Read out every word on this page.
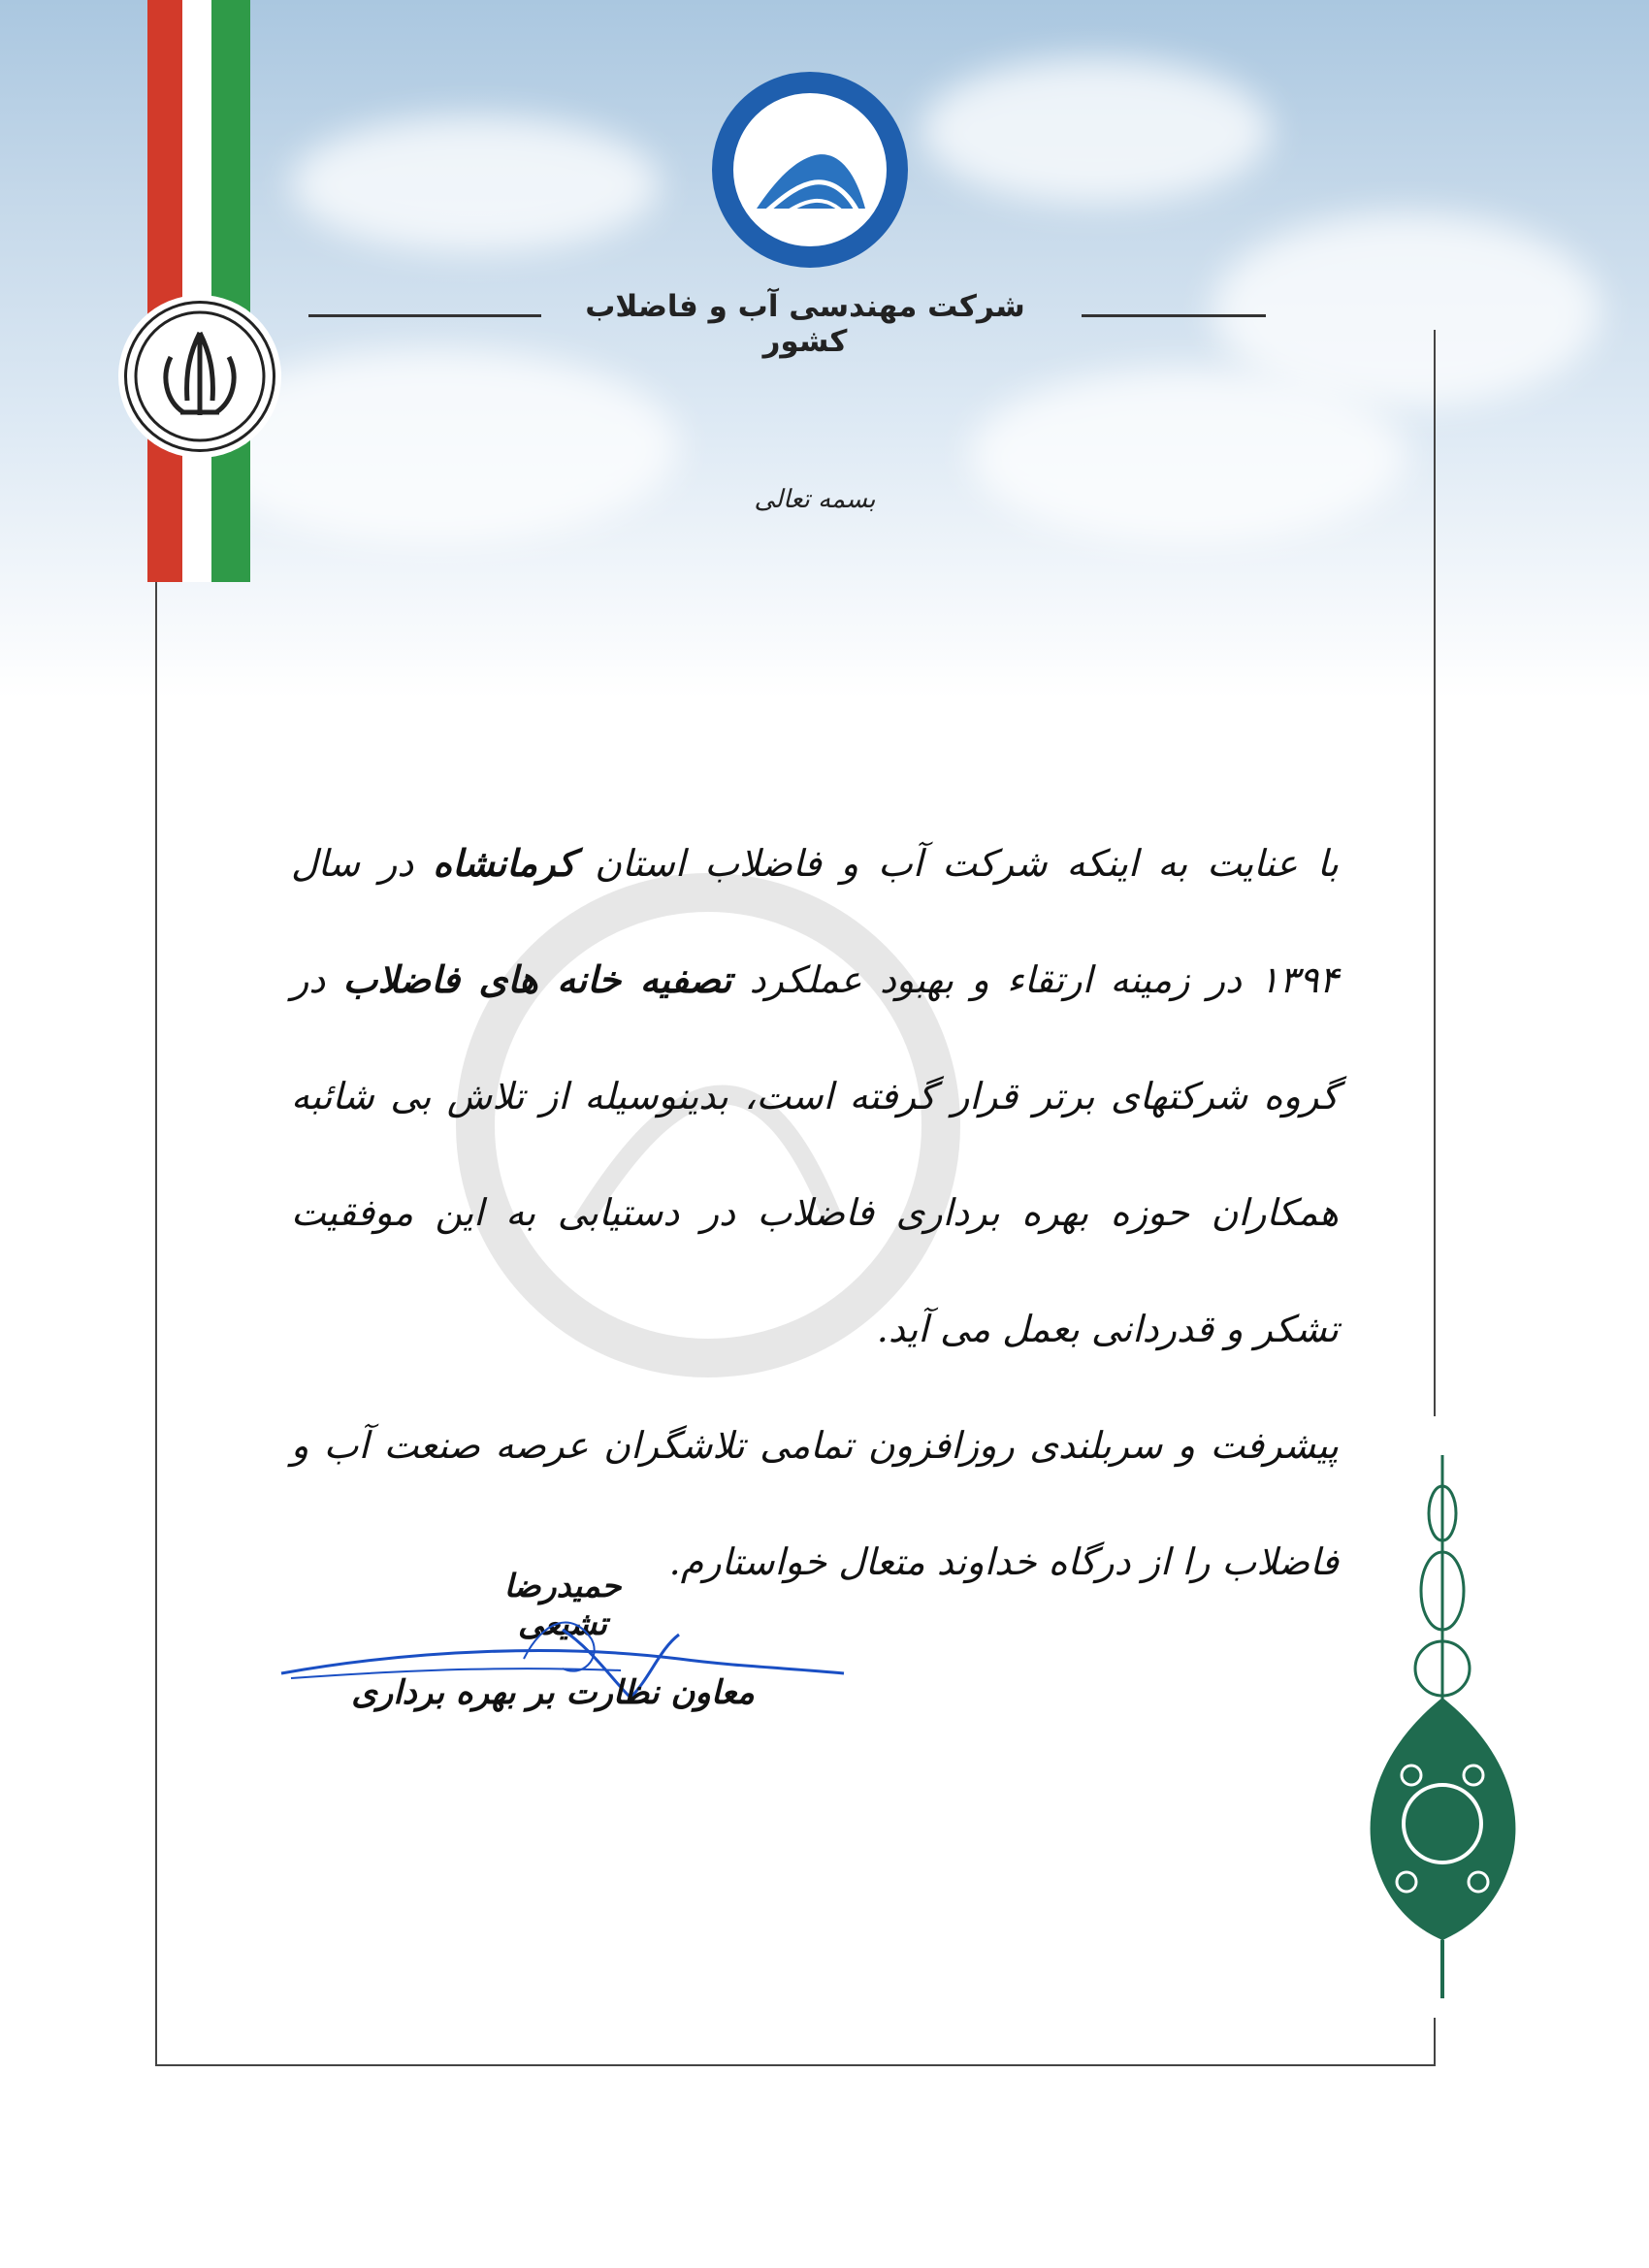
شرکت مهندسی آب و فاضلاب کشور
بسمه تعالی

با عنایت به اینکه شرکت آب و فاضلاب استان کرمانشاه در سال ۱۳۹۴ در زمینه ارتقاء و بهبود عملکرد تصفیه خانه های فاضلاب در گروه شرکتهای برتر قرار گرفته است، بدینوسیله از تلاش بی شائبه همکاران حوزه بهره برداری فاضلاب در دستیابی به این موفقیت تشکر و قدردانی بعمل می آید.

پیشرفت و سربلندی روزافزون تمامی تلاشگران عرصه صنعت آب و فاضلاب را از درگاه خداوند متعال خواستارم.

حمیدرضا تشیعی
معاون نظارت بر بهره برداری
